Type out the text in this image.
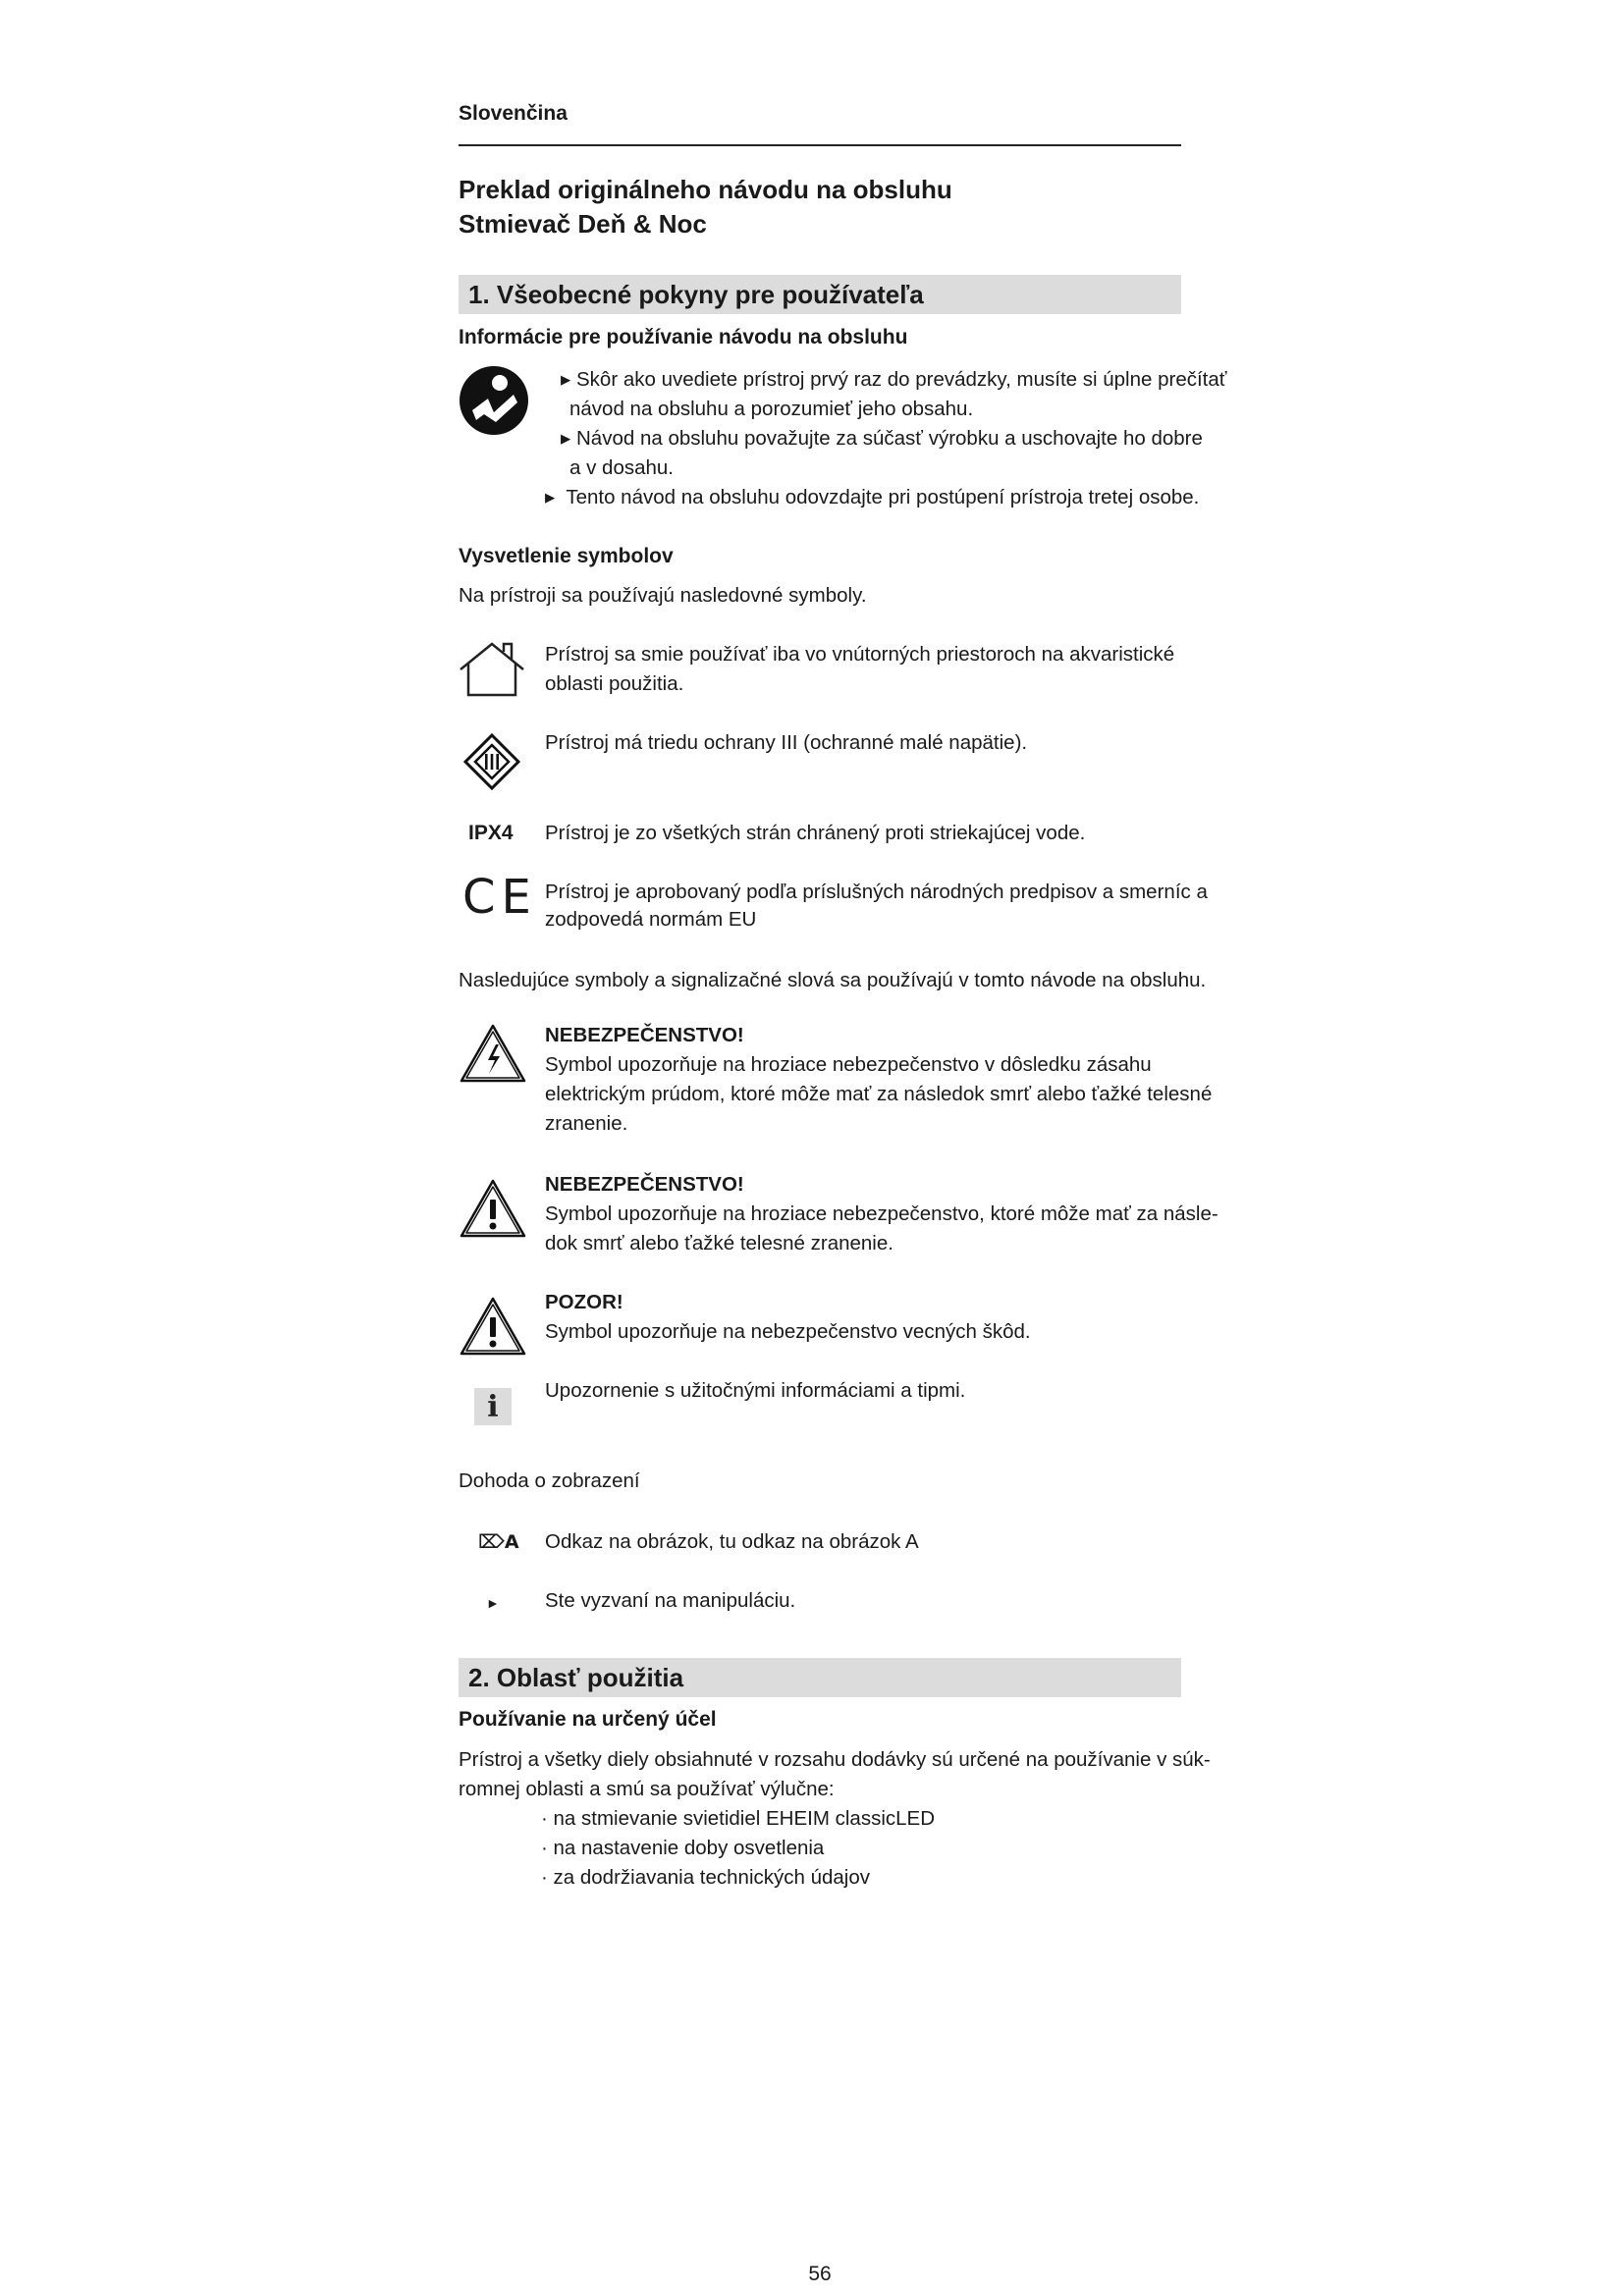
Slovenčina
Preklad originálneho návodu na obsluhu
Stmievač Deň & Noc
1. Všeobecné pokyny pre používateľa
Informácie pre používanie návodu na obsluhu
▸ Skôr ako uvediete prístroj prvý raz do prevádzky, musíte si úplne prečítať
návod na obsluhu a porozumieť jeho obsahu.
▸ Návod na obsluhu považujte za súčasť výrobku a uschovajte ho dobre
a v dosahu.
▸ Tento návod na obsluhu odovzdajte pri postúpení prístroja tretej osobe.
Vysvetlenie symbolov
Na prístroji sa používajú nasledovné symboly.
Prístroj sa smie používať iba vo vnútorných priestoroch na akvaristické
oblasti použitia.
Prístroj má triedu ochrany III (ochranné malé napätie).
IPX4 Prístroj je zo všetkých strán chránený proti striekajúcej vode.
CE Prístroj je aprobovaný podľa príslušných národných predpisov a smerníc a
zodpovedá normám EU
Nasledujúce symboly a signalizačné slová sa používajú v tomto návode na obsluhu.
NEBEZPEČENSTVO!
Symbol upozorňuje na hroziace nebezpečenstvo v dôsledku zásahu
elektrickým prúdom, ktoré môže mať za následok smrť alebo ťažké telesné
zranenie.
NEBEZPEČENSTVO!
Symbol upozorňuje na hroziace nebezpečenstvo, ktoré môže mať za násle-
dok smrť alebo ťažké telesné zranenie.
POZOR!
Symbol upozorňuje na nebezpečenstvo vecných škôd.
i	Upozornenie s užitočnými informáciami a tipmi.
Dohoda o zobrazení
⌦A Odkaz na obrázok, tu odkaz na obrázok A
► Ste vyzvaní na manipuláciu.
2. Oblasť použitia
Používanie na určený účel
Prístroj a všetky diely obsiahnuté v rozsahu dodávky sú určené na používanie v súk-
romnej oblasti a smú sa používať výlučne:
· na stmievanie svietidiel EHEIM classicLED
· na nastavenie doby osvetlenia
· za dodržiavania technických údajov
56
